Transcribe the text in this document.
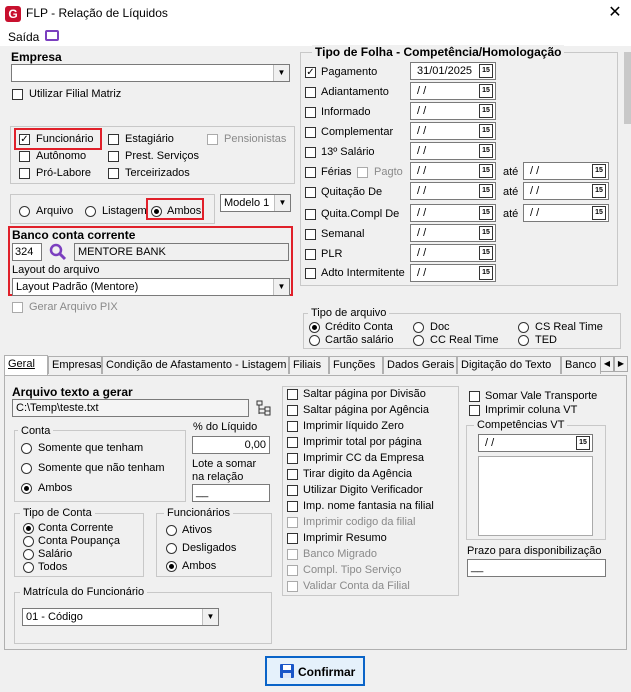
G FLP - Relação de Líquidos	✕
Saída
Empresa
▼
Utilizar Filial Matriz
✓ Funcionário	Estagiário	Pensionistas
Autônomo	Prest. Serviços
Pró-Labore	Terceirizados
Arquivo	Listagem Ambos
Modelo 1	▼
Banco conta corrente
324	MENTORE BANK
Layout do arquivo
Layout Padrão (Mentore)	▼
Gerar Arquivo PIX
Tipo de Folha - Competência/Homologação
✓ Pagamento	31/01/2025	15
Adiantamento	/ /	15
Informado	/ /	15
Complementar / /	15
13º Salário	/ /	15
Férias Pagto / /	15 até / /	15
Quitação De	/ /	15 até / /	15
Quita.Compl De / /	15 até / /	15
Semanal	/ /	15
PLR	/ /	15
Adto Intermitente / /	15
Tipo de arquivo
Crédito Conta
Cartão salário
Doc
CC Real Time
CS Real Time
TED
Geral	Empresas Condição de Afastamento - Listagem Filiais	Funções	Dados Gerais Digitação do Texto	Banco ◀ ▶
Arquivo texto a gerar
C:\Temp\teste.txt
Conta
Somente que tenham
Somente que não tenham
Ambos
% do Líquido
0,00
Lote a somar
na relação
__
Tipo de Conta
Conta Corrente
Conta Poupança
Salário
Todos
Funcionários
Ativos
Desligados
Ambos
Matrícula do Funcionário
01 - Código	▼
Saltar página por Divisão
Saltar página por Agência
Imprimir líquido Zero
Imprimir total por página
Imprimir CC da Empresa
Tirar digito da Agência
Utilizar Digito Verificador
Imp. nome fantasia na filial
Imprimir codigo da filial
Imprimir Resumo
Banco Migrado
Compl. Tipo Serviço
Validar Conta da Filial
Somar Vale Transporte
Imprimir coluna VT
Competências VT
/ /	15
Prazo para disponibilização
__
Confirmar
